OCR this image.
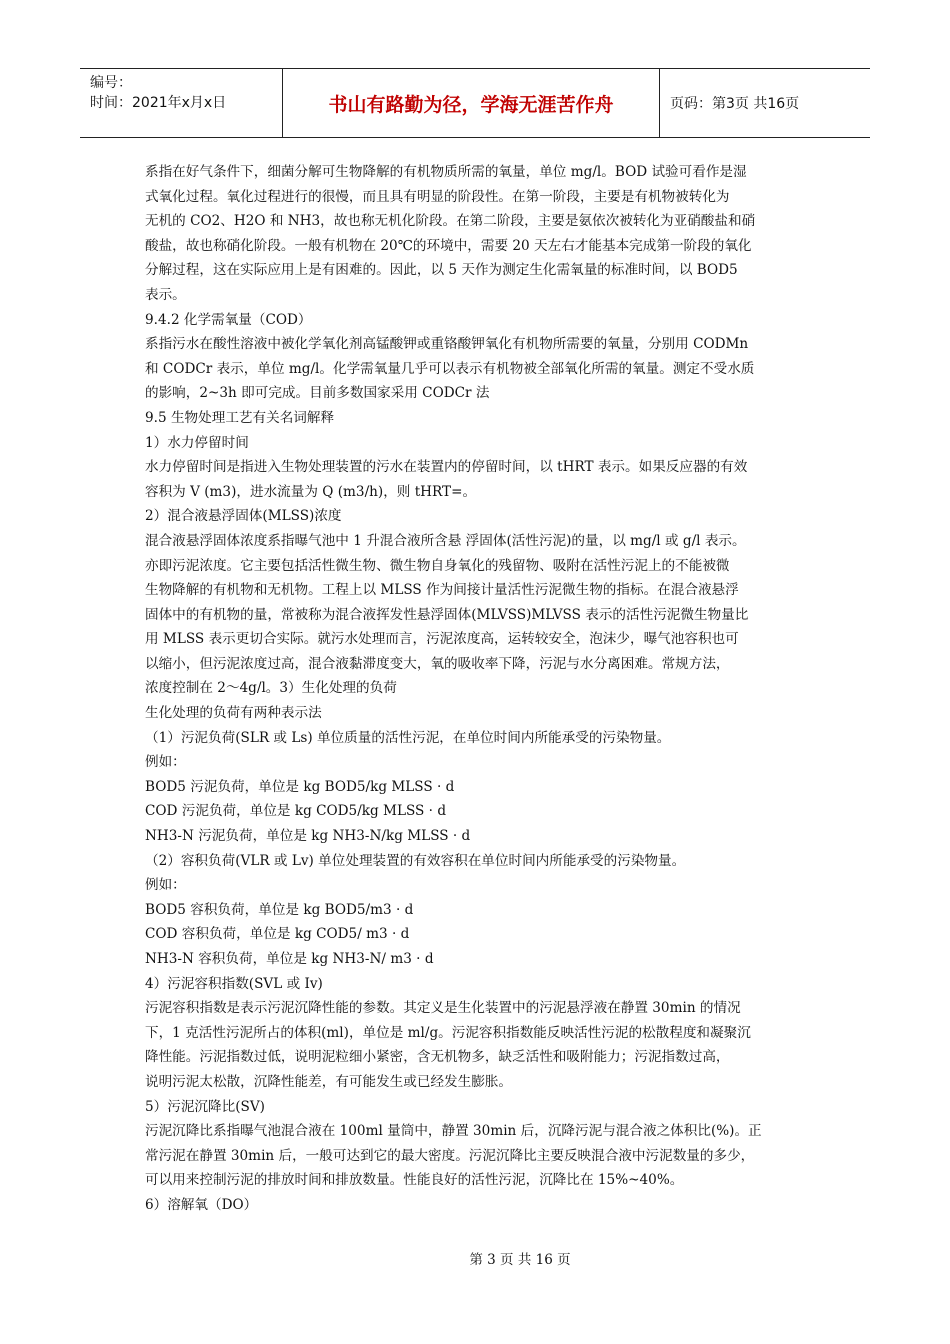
编号：
时间：2021年x月x日	书山有路勤为径，学海无涯苦作舟	页码：第3页 共16页
系指在好气条件下，细菌分解可生物降解的有机物质所需的氧量，单位 mg/l。BOD 试验可看作是湿
式氧化过程。氧化过程进行的很慢，而且具有明显的阶段性。在第一阶段，主要是有机物被转化为
无机的 CO2、H2O 和 NH3，故也称无机化阶段。在第二阶段，主要是氨依次被转化为亚硝酸盐和硝
酸盐，故也称硝化阶段。一般有机物在 20℃的环境中，需要 20 天左右才能基本完成第一阶段的氧化
分解过程，这在实际应用上是有困难的。因此，以 5 天作为测定生化需氧量的标准时间，以 BOD5
表示。
9.4.2 化学需氧量（COD）
系指污水在酸性溶液中被化学氧化剂高锰酸钾或重铬酸钾氧化有机物所需要的氧量，分别用 CODMn
和 CODCr 表示，单位 mg/l。化学需氧量几乎可以表示有机物被全部氧化所需的氧量。测定不受水质
的影响，2~3h 即可完成。目前多数国家采用 CODCr 法
9.5 生物处理工艺有关名词解释
1）水力停留时间
水力停留时间是指进入生物处理装置的污水在装置内的停留时间，以 tHRT 表示。如果反应器的有效
容积为 V (m3)，进水流量为 Q (m3/h)，则 tHRT=。
2）混合液悬浮固体(MLSS)浓度
混合液悬浮固体浓度系指曝气池中 1 升混合液所含悬 浮固体(活性污泥)的量，以 mg/l 或 g/l 表示。
亦即污泥浓度。它主要包括活性微生物、微生物自身氧化的残留物、吸附在活性污泥上的不能被微
生物降解的有机物和无机物。工程上以 MLSS 作为间接计量活性污泥微生物的指标。在混合液悬浮
固体中的有机物的量，常被称为混合液挥发性悬浮固体(MLVSS)MLVSS 表示的活性污泥微生物量比
用 MLSS 表示更切合实际。就污水处理而言，污泥浓度高，运转较安全，泡沫少，曝气池容积也可
以缩小，但污泥浓度过高，混合液黏滞度变大，氧的吸收率下降，污泥与水分离困难。常规方法，
浓度控制在 2～4g/l。3）生化处理的负荷
生化处理的负荷有两种表示法
（1）污泥负荷(SLR 或 Ls) 单位质量的活性污泥，在单位时间内所能承受的污染物量。
例如：
BOD5 污泥负荷，单位是 kg BOD5/kg MLSS · d
COD 污泥负荷，单位是 kg COD5/kg MLSS · d
NH3-N 污泥负荷，单位是 kg NH3-N/kg MLSS · d
（2）容积负荷(VLR 或 Lv) 单位处理装置的有效容积在单位时间内所能承受的污染物量。
例如：
BOD5 容积负荷，单位是 kg BOD5/m3 · d
COD 容积负荷，单位是 kg COD5/ m3 · d
NH3-N 容积负荷，单位是 kg NH3-N/ m3 · d
4）污泥容积指数(SVL 或 Iv)
污泥容积指数是表示污泥沉降性能的参数。其定义是生化装置中的污泥悬浮液在静置 30min 的情况
下，1 克活性污泥所占的体积(ml)，单位是 ml/g。污泥容积指数能反映活性污泥的松散程度和凝聚沉
降性能。污泥指数过低，说明泥粒细小紧密，含无机物多，缺乏活性和吸附能力；污泥指数过高，
说明污泥太松散，沉降性能差，有可能发生或已经发生膨胀。
5）污泥沉降比(SV)
污泥沉降比系指曝气池混合液在 100ml 量筒中，静置 30min 后，沉降污泥与混合液之体积比(%)。正
常污泥在静置 30min 后，一般可达到它的最大密度。污泥沉降比主要反映混合液中污泥数量的多少，
可以用来控制污泥的排放时间和排放数量。性能良好的活性污泥，沉降比在 15%~40%。
6）溶解氧（DO）
第 3 页 共 16 页
